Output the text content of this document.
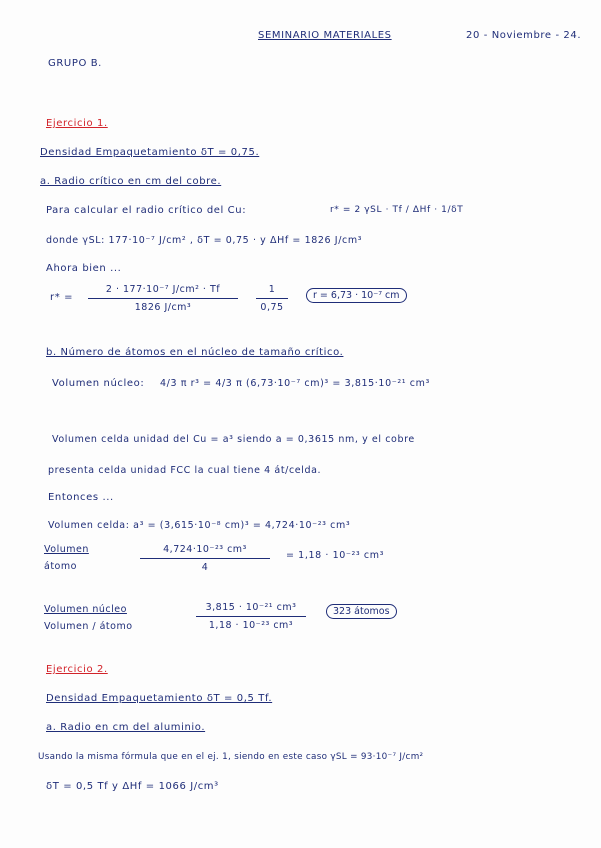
SEMINARIO MATERIALES	20 - Noviembre - 24.
GRUPO B.
Ejercicio 1.
Densidad Empaquetamiento δT = 0,75.
a. Radio crítico en cm del cobre.
Para calcular el radio crítico del Cu:	r* = 2 γSL · Tf / ΔHf · 1/δT
donde γSL: 177·10⁻⁷ J/cm² , δT = 0,75 · y ΔHf = 1826 J/cm³
Ahora bien ...
r* =
2 · 177·10⁻⁷ J/cm² · Tf
1826 J/cm³
1
0,75
r = 6,73 · 10⁻⁷ cm
b. Número de átomos en el núcleo de tamaño crítico.
Volumen núcleo: 4/3 π r³ = 4/3 π (6,73·10⁻⁷ cm)³ = 3,815·10⁻²¹ cm³
Volumen celda unidad del Cu = a³ siendo a = 0,3615 nm, y el cobre
presenta celda unidad FCC la cual tiene 4 át/celda.
Entonces ...
Volumen celda: a³ = (3,615·10⁻⁸ cm)³ = 4,724·10⁻²³ cm³
Volumen
átomo
4,724·10⁻²³ cm³
4
= 1,18 · 10⁻²³ cm³
Volumen núcleo
Volumen / átomo
3,815 · 10⁻²¹ cm³
1,18 · 10⁻²³ cm³
323 átomos
Ejercicio 2.
Densidad Empaquetamiento δT = 0,5 Tf.
a. Radio en cm del aluminio.
Usando la misma fórmula que en el ej. 1, siendo en este caso γSL = 93·10⁻⁷ J/cm²
δT = 0,5 Tf y ΔHf = 1066 J/cm³
